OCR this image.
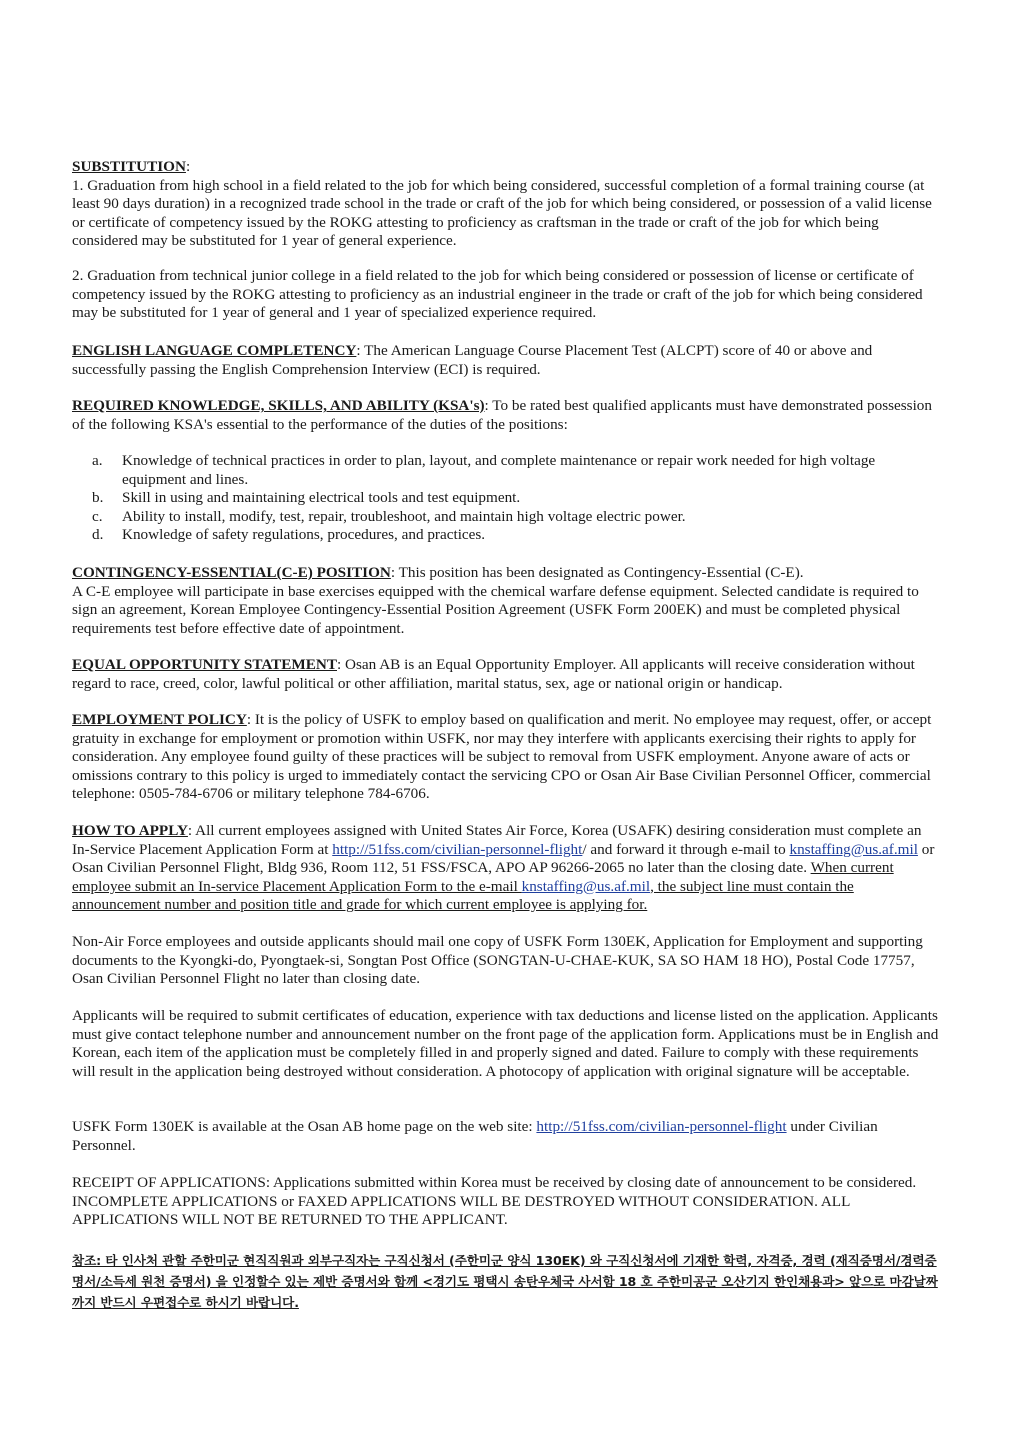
SUBSTITUTION:

1. Graduation from high school in a field related to the job for which being considered, successful completion of a formal training course (at least 90 days duration) in a recognized trade school in the trade or craft of the job for which being considered, or possession of a valid license or certificate of competency issued by the ROKG attesting to proficiency as craftsman in the trade or craft of the job for which being considered may be substituted for 1 year of general experience.

2. Graduation from technical junior college in a field related to the job for which being considered or possession of license or certificate of competency issued by the ROKG attesting to proficiency as an industrial engineer in the trade or craft of the job for which being considered may be substituted for 1 year of general and 1 year of specialized experience required.

ENGLISH LANGUAGE COMPLETENCY: The American Language Course Placement Test (ALCPT) score of 40 or above and successfully passing the English Comprehension Interview (ECI) is required.

REQUIRED KNOWLEDGE, SKILLS, AND ABILITY (KSA's): To be rated best qualified applicants must have demonstrated possession of the following KSA's essential to the performance of the duties of the positions:

a. Knowledge of technical practices in order to plan, layout, and complete maintenance or repair work needed for high voltage equipment and lines.
b. Skill in using and maintaining electrical tools and test equipment.
c. Ability to install, modify, test, repair, troubleshoot, and maintain high voltage electric power.
d. Knowledge of safety regulations, procedures, and practices.

CONTINGENCY-ESSENTIAL(C-E) POSITION: This position has been designated as Contingency-Essential (C-E).

A C-E employee will participate in base exercises equipped with the chemical warfare defense equipment. Selected candidate is required to sign an agreement, Korean Employee Contingency-Essential Position Agreement (USFK Form 200EK) and must be completed physical requirements test before effective date of appointment.

EQUAL OPPORTUNITY STATEMENT: Osan AB is an Equal Opportunity Employer. All applicants will receive consideration without regard to race, creed, color, lawful political or other affiliation, marital status, sex, age or national origin or handicap.

EMPLOYMENT POLICY: It is the policy of USFK to employ based on qualification and merit. No employee may request, offer, or accept gratuity in exchange for employment or promotion within USFK, nor may they interfere with applicants exercising their rights to apply for consideration. Any employee found guilty of these practices will be subject to removal from USFK employment. Anyone aware of acts or omissions contrary to this policy is urged to immediately contact the servicing CPO or Osan Air Base Civilian Personnel Officer, commercial telephone: 0505-784-6706 or military telephone 784-6706.

HOW TO APPLY: All current employees assigned with United States Air Force, Korea (USAFK) desiring consideration must complete an In-Service Placement Application Form at http://51fss.com/civilian-personnel-flight/ and forward it through e-mail to knstaffing@us.af.mil or Osan Civilian Personnel Flight, Bldg 936, Room 112, 51 FSS/FSCA, APO AP 96266-2065 no later than the closing date. When current employee submit an In-service Placement Application Form to the e-mail knstaffing@us.af.mil, the subject line must contain the announcement number and position title and grade for which current employee is applying for.

Non-Air Force employees and outside applicants should mail one copy of USFK Form 130EK, Application for Employment and supporting documents to the Kyongki-do, Pyongtaek-si, Songtan Post Office (SONGTAN-U-CHAE-KUK, SA SO HAM 18 HO), Postal Code 17757, Osan Civilian Personnel Flight no later than closing date.

Applicants will be required to submit certificates of education, experience with tax deductions and license listed on the application. Applicants must give contact telephone number and announcement number on the front page of the application form. Applications must be in English and Korean, each item of the application must be completely filled in and properly signed and dated. Failure to comply with these requirements will result in the application being destroyed without consideration. A photocopy of application with original signature will be acceptable.

USFK Form 130EK is available at the Osan AB home page on the web site: http://51fss.com/civilian-personnel-flight under Civilian Personnel.

RECEIPT OF APPLICATIONS: Applications submitted within Korea must be received by closing date of announcement to be considered. INCOMPLETE APPLICATIONS or FAXED APPLICATIONS WILL BE DESTROYED WITHOUT CONSIDERATION. ALL APPLICATIONS WILL NOT BE RETURNED TO THE APPLICANT.

참조: 타 인사처 관할 주한미군 현직직원과 외부구직자는 구직신청서 (주한미군 양식 130EK) 와 구직신청서에 기재한 학력, 자격증, 경력 (재직증명서/경력증명서/소득세 원천 증명서) 을 인정할수 있는 제반 증명서와 함께 <경기도 평택시 송탄우체국 사서함 18 호 주한미공군 오산기지 한인채용과> 앞으로 마감날짜까지 반드시 우편접수로 하시기 바랍니다.
